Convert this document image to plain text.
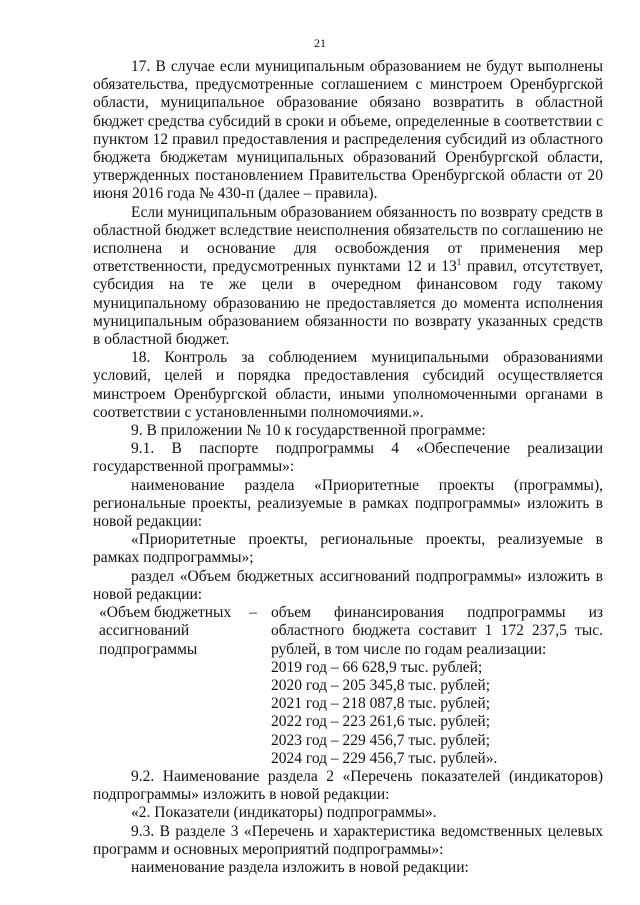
21

17. В случае если муниципальным образованием не будут выполнены обязательства, предусмотренные соглашением с минстроем Оренбургской области, муниципальное образование обязано возвратить в областной бюджет средства субсидий в сроки и объеме, определенные в соответствии с пунктом 12 правил предоставления и распределения субсидий из областного бюджета бюджетам муниципальных образований Оренбургской области, утвержденных постановлением Правительства Оренбургской области от 20 июня 2016 года № 430-п (далее – правила).

Если муниципальным образованием обязанность по возврату средств в областной бюджет вследствие неисполнения обязательств по соглашению не исполнена и основание для освобождения от применения мер ответственности, предусмотренных пунктами 12 и $13^1$ правил, отсутствует, субсидия на те же цели в очередном финансовом году такому муниципальному образованию не предоставляется до момента исполнения муниципальным образованием обязанности по возврату указанных средств в областной бюджет.

18. Контроль за соблюдением муниципальными образованиями условий, целей и порядка предоставления субсидий осуществляется минстроем Оренбургской области, иными уполномоченными органами в соответствии с установленными полномочиями.».

9. В приложении № 10 к государственной программе:

9.1. В паспорте подпрограммы 4 «Обеспечение реализации государственной программы»:

наименование раздела «Приоритетные проекты (программы), региональные проекты, реализуемые в рамках подпрограммы» изложить в новой редакции:

«Приоритетные проекты, региональные проекты, реализуемые в рамках подпрограммы»;

раздел «Объем бюджетных ассигнований подпрограммы» изложить в новой редакции:

«Объем бюджетных ассигнований подпрограммы
– объем финансирования подпрограммы из областного бюджета составит 1 172 237,5 тыс. рублей, в том числе по годам реализации:
2019 год – 66 628,9 тыс. рублей;
2020 год – 205 345,8 тыс. рублей;
2021 год – 218 087,8 тыс. рублей;
2022 год – 223 261,6 тыс. рублей;
2023 год – 229 456,7 тыс. рублей;
2024 год – 229 456,7 тыс. рублей».

9.2. Наименование раздела 2 «Перечень показателей (индикаторов) подпрограммы» изложить в новой редакции:

«2. Показатели (индикаторы) подпрограммы».

9.3. В разделе 3 «Перечень и характеристика ведомственных целевых программ и основных мероприятий подпрограммы»:

наименование раздела изложить в новой редакции:
